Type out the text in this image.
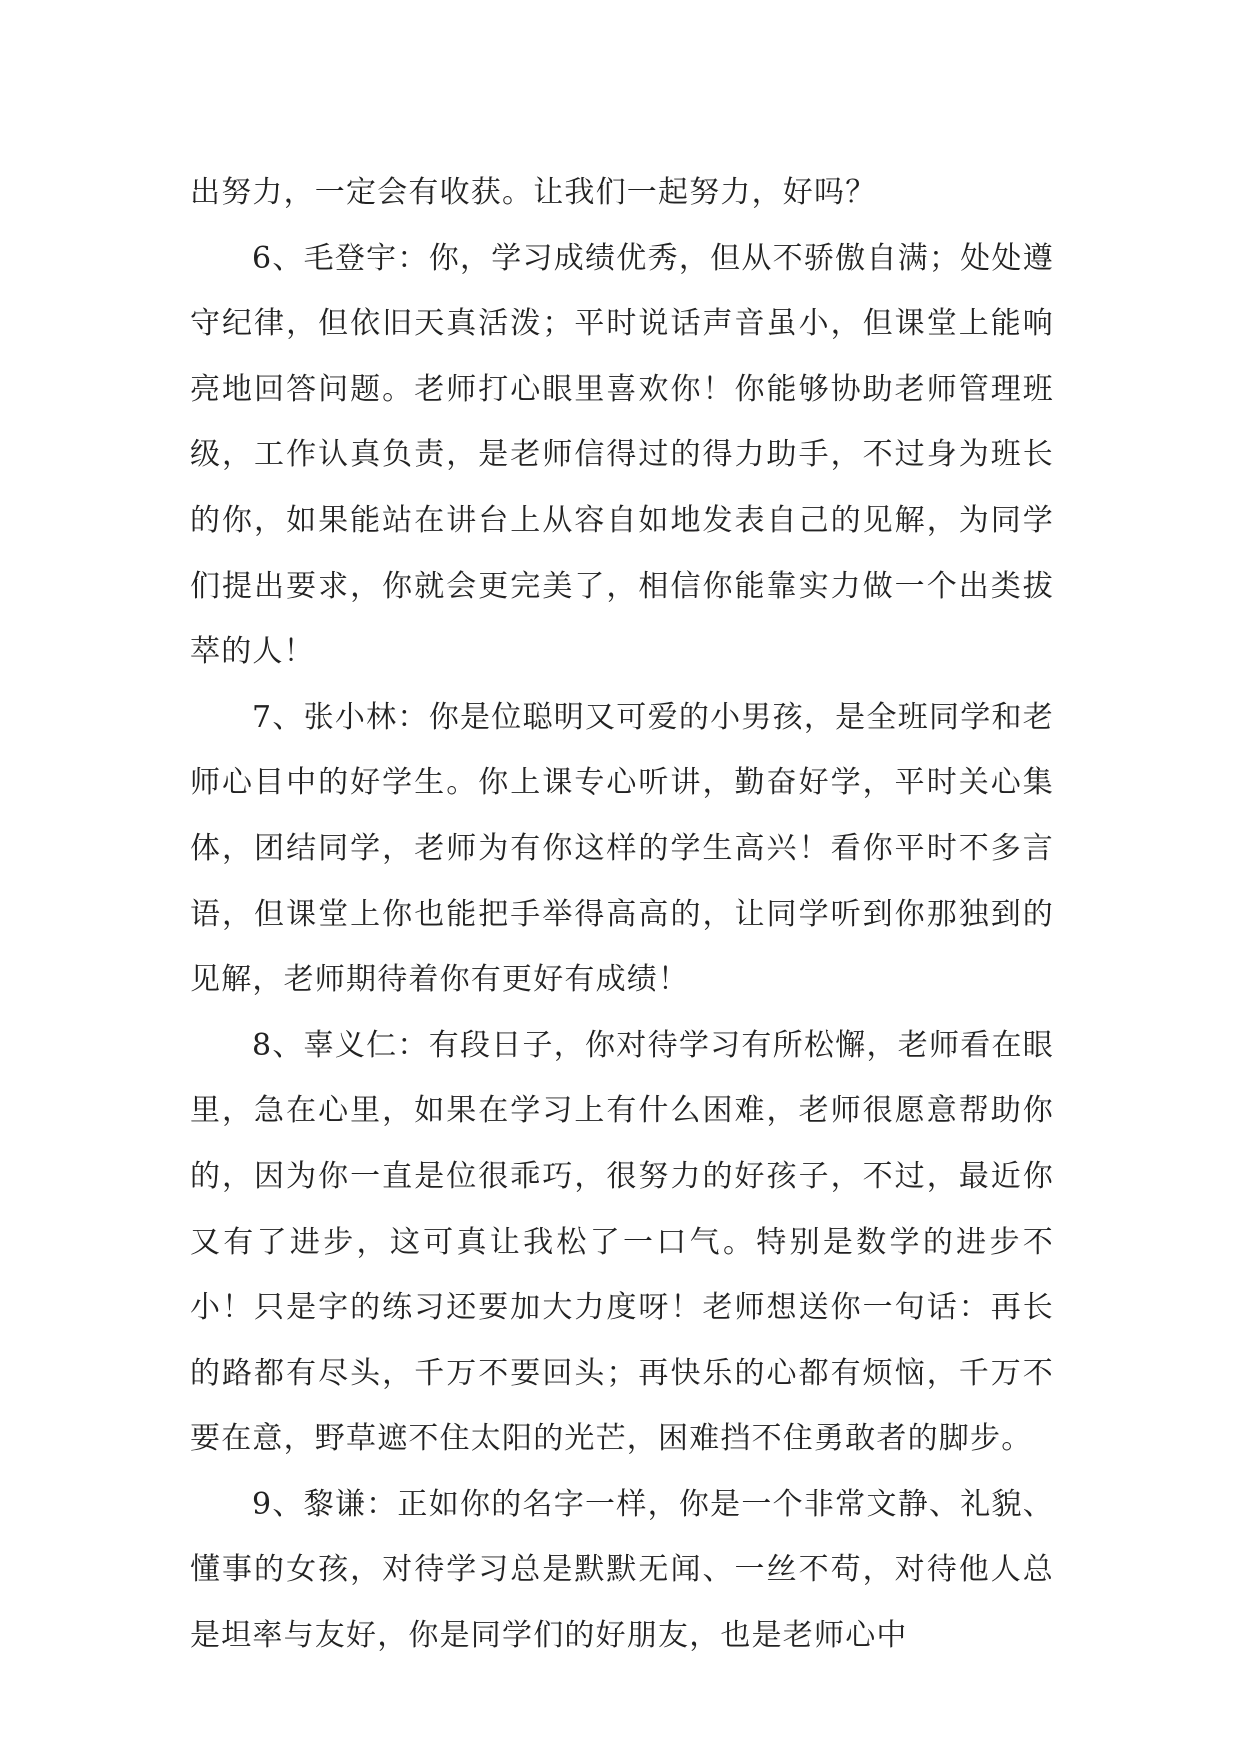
出努力，一定会有收获。让我们一起努力，好吗？

6、毛登宇：你，学习成绩优秀，但从不骄傲自满；处处遵守纪律，但依旧天真活泼；平时说话声音虽小，但课堂上能响亮地回答问题。老师打心眼里喜欢你！你能够协助老师管理班级，工作认真负责，是老师信得过的得力助手，不过身为班长的你，如果能站在讲台上从容自如地发表自己的见解，为同学们提出要求，你就会更完美了，相信你能靠实力做一个出类拔萃的人！

7、张小林：你是位聪明又可爱的小男孩，是全班同学和老师心目中的好学生。你上课专心听讲，勤奋好学，平时关心集体，团结同学，老师为有你这样的学生高兴！看你平时不多言语，但课堂上你也能把手举得高高的，让同学听到你那独到的见解，老师期待着你有更好有成绩！

8、辜义仁：有段日子，你对待学习有所松懈，老师看在眼里，急在心里，如果在学习上有什么困难，老师很愿意帮助你的，因为你一直是位很乖巧，很努力的好孩子，不过，最近你又有了进步，这可真让我松了一口气。特别是数学的进步不小！只是字的练习还要加大力度呀！老师想送你一句话：再长的路都有尽头，千万不要回头；再快乐的心都有烦恼，千万不要在意，野草遮不住太阳的光芒，困难挡不住勇敢者的脚步。

9、黎谦：正如你的名字一样，你是一个非常文静、礼貌、懂事的女孩，对待学习总是默默无闻、一丝不苟，对待他人总是坦率与友好，你是同学们的好朋友，也是老师心中
